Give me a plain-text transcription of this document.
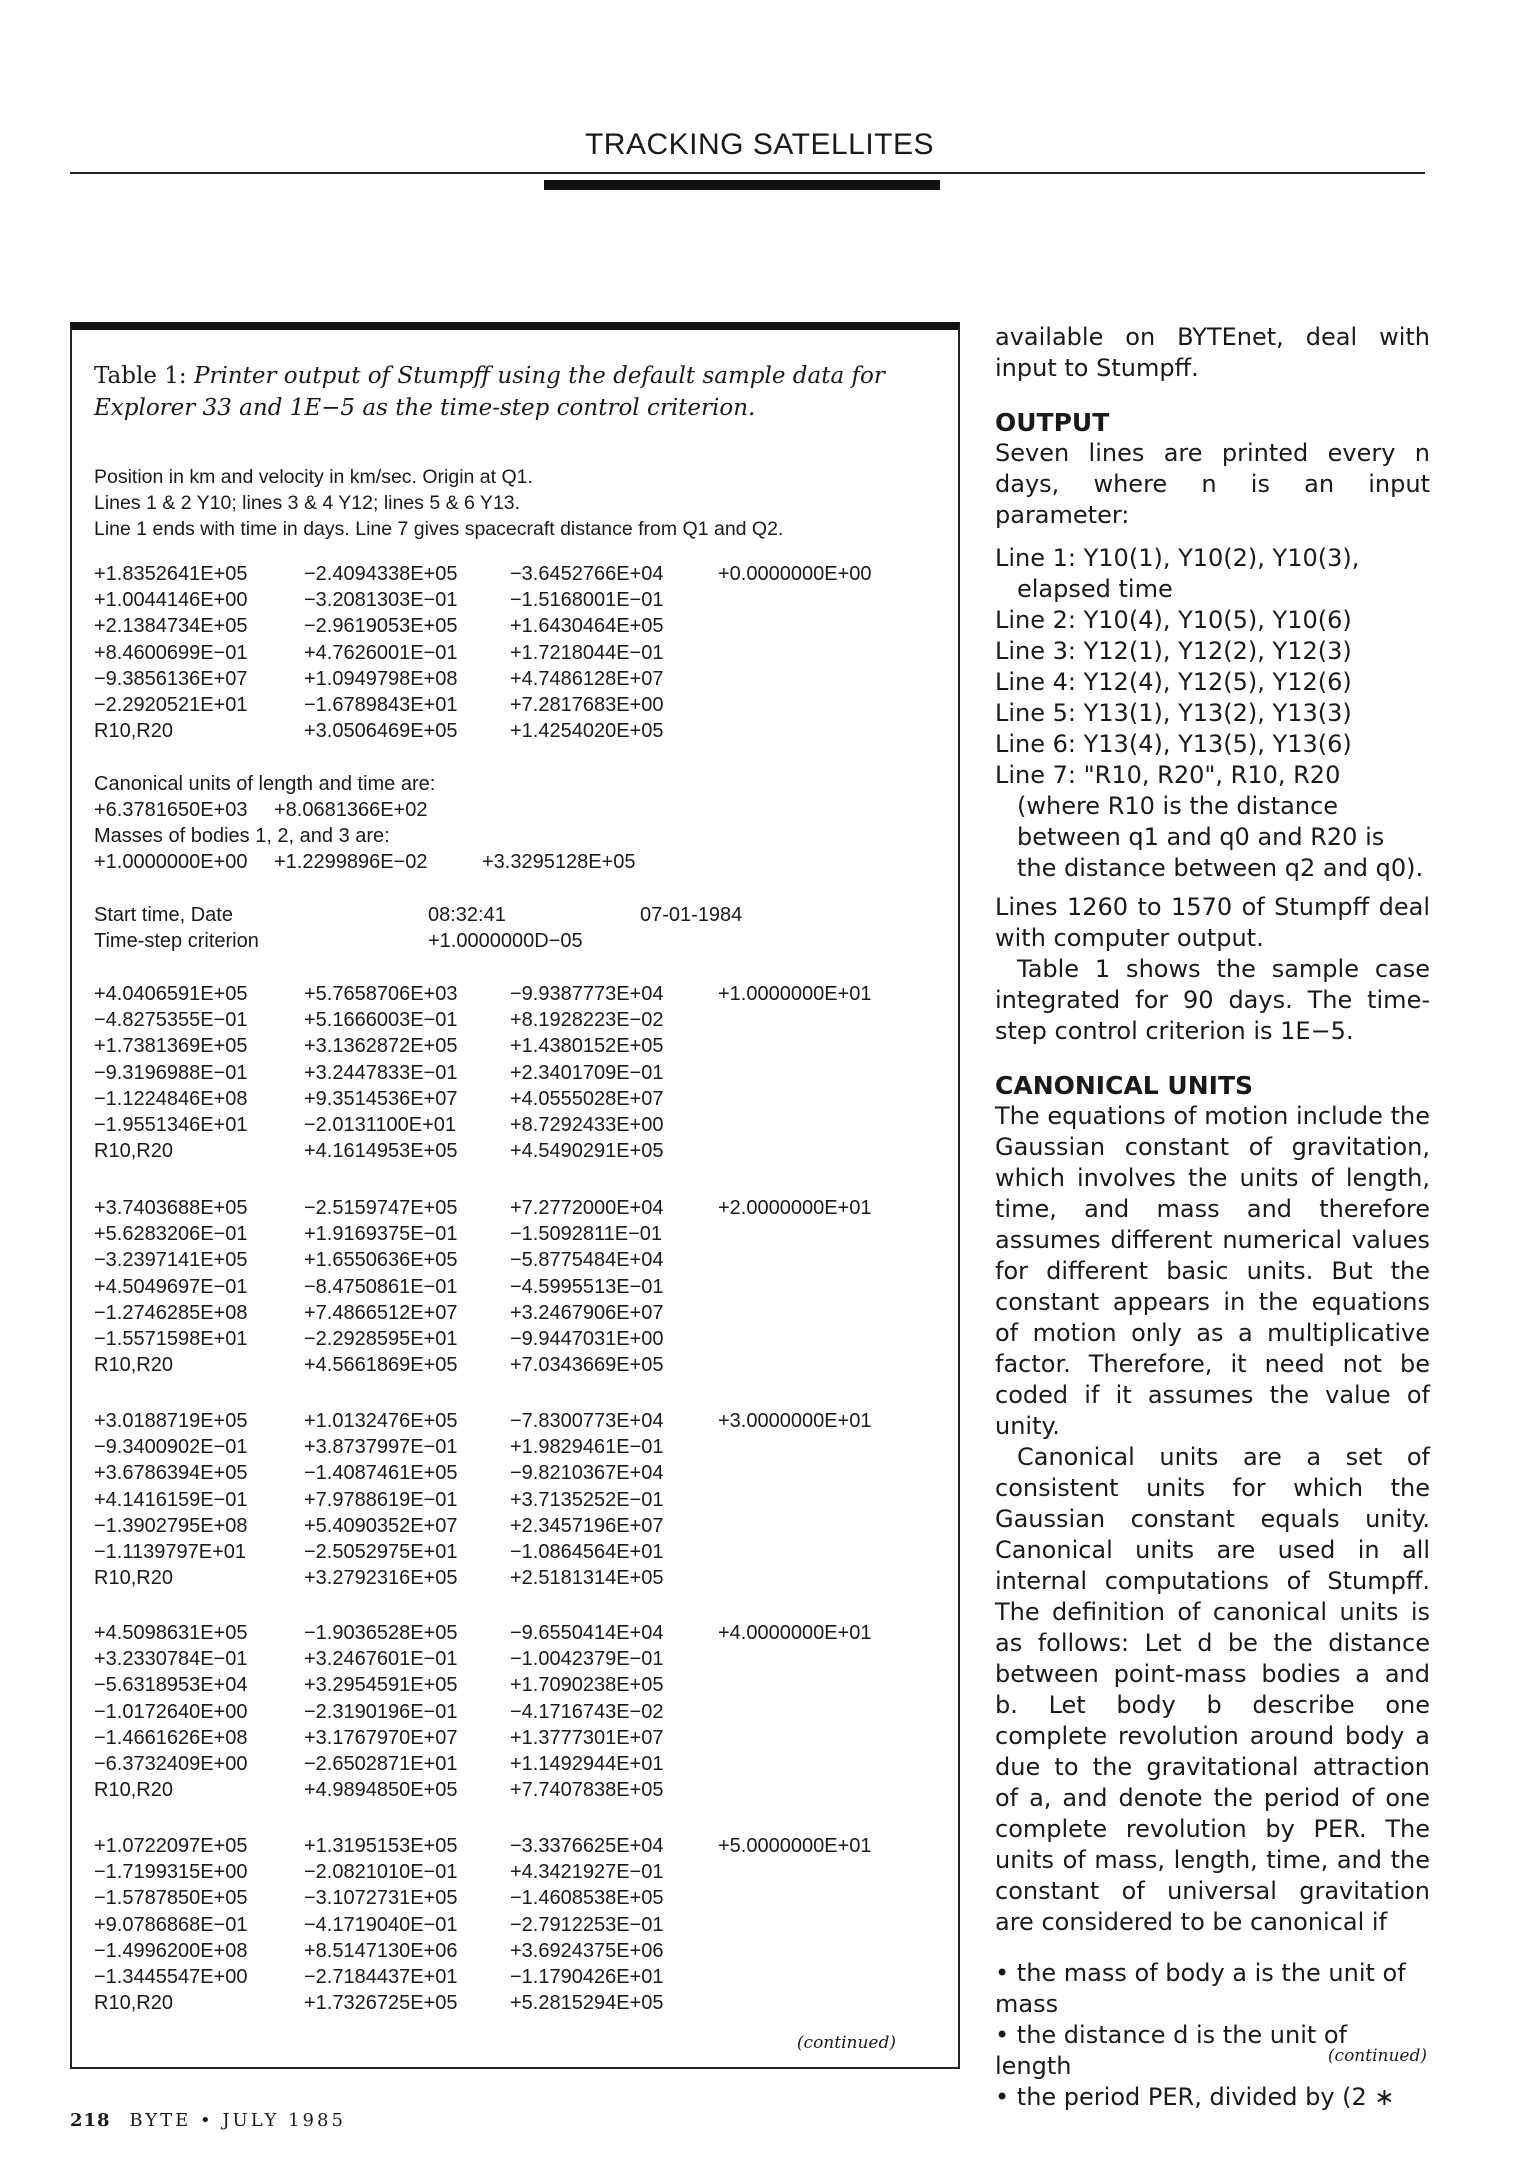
TRACKING SATELLITES
Table 1: Printer output of Stumpff using the default sample data for Explorer 33 and 1E−5 as the time-step control criterion.
Position in km and velocity in km/sec. Origin at Q1.
Lines 1 & 2 Y10; lines 3 & 4 Y12; lines 5 & 6 Y13.
Line 1 ends with time in days. Line 7 gives spacecraft distance from Q1 and Q2.
+1.8352641E+05	−2.4094338E+05	−3.6452766E+04	+0.0000000E+00
+1.0044146E+00	−3.2081303E−01	−1.5168001E−01
+2.1384734E+05	−2.9619053E+05	+1.6430464E+05
+8.4600699E−01	+4.7626001E−01	+1.7218044E−01
−9.3856136E+07	+1.0949798E+08	+4.7486128E+07
−2.2920521E+01	−1.6789843E+01	+7.2817683E+00
R10,R20	+3.0506469E+05	+1.4254020E+05
Canonical units of length and time are:
+6.3781650E+03 +8.0681366E+02
Masses of bodies 1, 2, and 3 are:
+1.0000000E+00 +1.2299896E−02	+3.3295128E+05
Start time, Date	08:32:41	07-01-1984
Time-step criterion	+1.0000000D−05
+4.0406591E+05	+5.7658706E+03	−9.9387773E+04	+1.0000000E+01
−4.8275355E−01	+5.1666003E−01	+8.1928223E−02
+1.7381369E+05	+3.1362872E+05	+1.4380152E+05
−9.3196988E−01	+3.2447833E−01	+2.3401709E−01
−1.1224846E+08	+9.3514536E+07	+4.0555028E+07
−1.9551346E+01	−2.0131100E+01	+8.7292433E+00
R10,R20	+4.1614953E+05	+4.5490291E+05
+3.7403688E+05	−2.5159747E+05	+7.2772000E+04	+2.0000000E+01
+5.6283206E−01	+1.9169375E−01	−1.5092811E−01
−3.2397141E+05	+1.6550636E+05	−5.8775484E+04
+4.5049697E−01	−8.4750861E−01	−4.5995513E−01
−1.2746285E+08	+7.4866512E+07	+3.2467906E+07
−1.5571598E+01	−2.2928595E+01	−9.9447031E+00
R10,R20	+4.5661869E+05	+7.0343669E+05
+3.0188719E+05	+1.0132476E+05	−7.8300773E+04	+3.0000000E+01
−9.3400902E−01	+3.8737997E−01	+1.9829461E−01
+3.6786394E+05	−1.4087461E+05	−9.8210367E+04
+4.1416159E−01	+7.9788619E−01	+3.7135252E−01
−1.3902795E+08	+5.4090352E+07	+2.3457196E+07
−1.1139797E+01	−2.5052975E+01	−1.0864564E+01
R10,R20	+3.2792316E+05	+2.5181314E+05
+4.5098631E+05	−1.9036528E+05	−9.6550414E+04	+4.0000000E+01
+3.2330784E−01	+3.2467601E−01	−1.0042379E−01
−5.6318953E+04	+3.2954591E+05	+1.7090238E+05
−1.0172640E+00	−2.3190196E−01	−4.1716743E−02
−1.4661626E+08	+3.1767970E+07	+1.3777301E+07
−6.3732409E+00	−2.6502871E+01	+1.1492944E+01
R10,R20	+4.9894850E+05	+7.7407838E+05
+1.0722097E+05	+1.3195153E+05	−3.3376625E+04	+5.0000000E+01
−1.7199315E+00	−2.0821010E−01	+4.3421927E−01
−1.5787850E+05	−3.1072731E+05	−1.4608538E+05
+9.0786868E−01	−4.1719040E−01	−2.7912253E−01
−1.4996200E+08	+8.5147130E+06	+3.6924375E+06
−1.3445547E+00	−2.7184437E+01	−1.1790426E+01
R10,R20	+1.7326725E+05	+5.2815294E+05
(continued)

available on BYTEnet, deal with input to Stumpff.

OUTPUT

Seven lines are printed every n days, where n is an input parameter:

Line 1: Y10(1), Y10(2), Y10(3), elapsed time
Line 2: Y10(4), Y10(5), Y10(6)
Line 3: Y12(1), Y12(2), Y12(3)
Line 4: Y12(4), Y12(5), Y12(6)
Line 5: Y13(1), Y13(2), Y13(3)
Line 6: Y13(4), Y13(5), Y13(6)
Line 7: "R10, R20", R10, R20 (where R10 is the distance between q1 and q0 and R20 is the distance between q2 and q0).

Lines 1260 to 1570 of Stumpff deal with computer output.

Table 1 shows the sample case integrated for 90 days. The time-step control criterion is 1E−5.

CANONICAL UNITS

The equations of motion include the Gaussian constant of gravitation, which involves the units of length, time, and mass and therefore assumes different numerical values for different basic units. But the constant appears in the equations of motion only as a multiplicative factor. Therefore, it need not be coded if it assumes the value of unity.

Canonical units are a set of consistent units for which the Gaussian constant equals unity. Canonical units are used in all internal computations of Stumpff. The definition of canonical units is as follows: Let d be the distance between point-mass bodies a and b. Let body b describe one complete revolution around body a due to the gravitational attraction of a, and denote the period of one complete revolution by PER. The units of mass, length, time, and the constant of universal gravitation are considered to be canonical if

• the mass of body a is the unit of mass
• the distance d is the unit of length
• the period PER, divided by (2 ∗
(continued)
218 BYTE • JULY 1985
